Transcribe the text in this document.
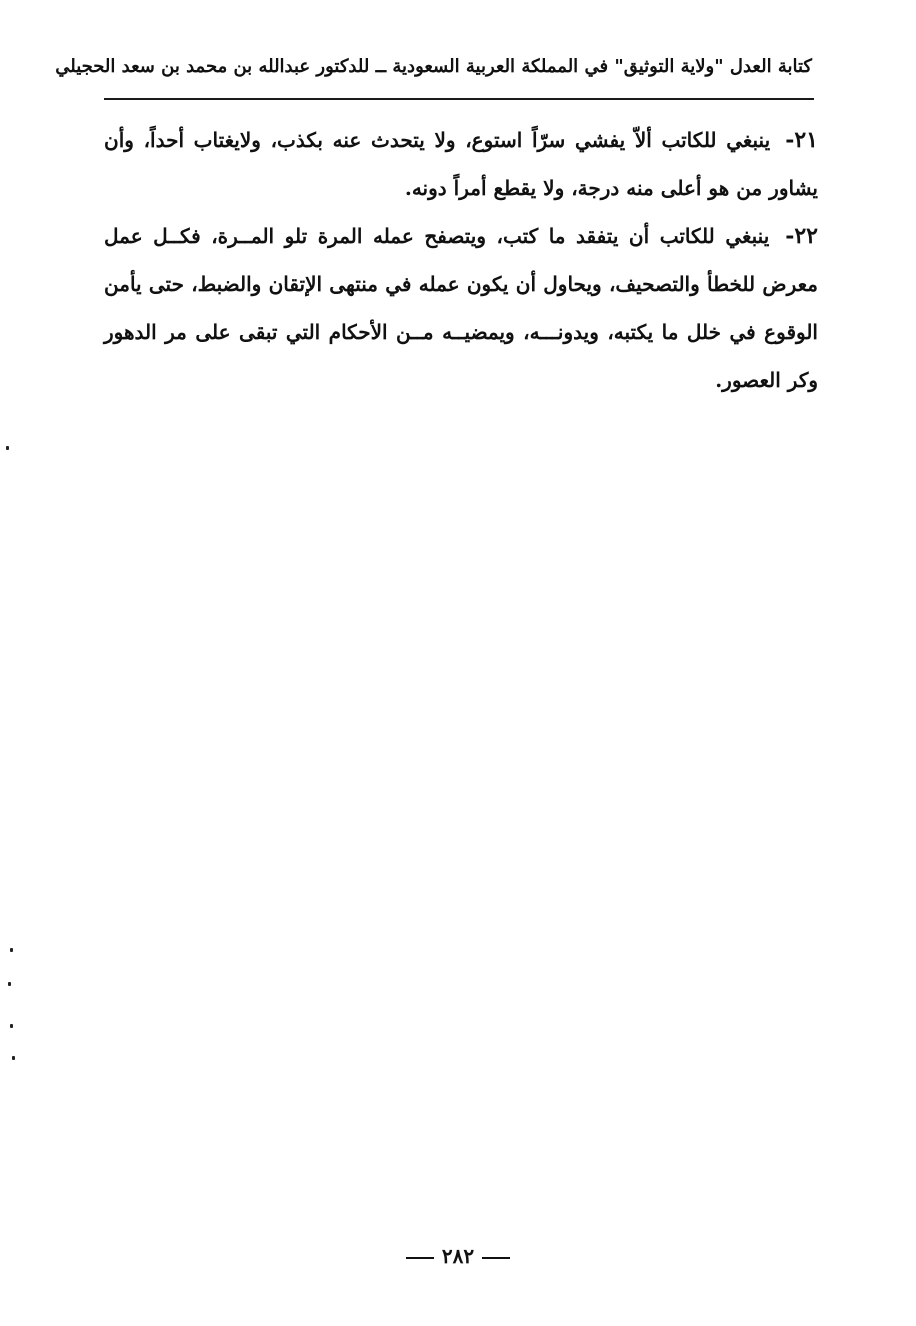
كتابة العدل "ولاية التوثيق" في المملكة العربية السعودية ــ للدكتور عبدالله بن محمد بن سعد الحجيلي

٢١- ينبغي للكاتب ألاّ يفشي سرّاً استوع، ولا يتحدث عنه بكذب، ولايغتاب أحداً، وأن يشاور من هو أعلى منه درجة، ولا يقطع أمراً دونه.

٢٢- ينبغي للكاتب أن يتفقد ما كتب، ويتصفح عمله المرة تلو المــرة، فكــل عمل معرض للخطأ والتصحيف، ويحاول أن يكون عمله في منتهى الإتقان والضبط، حتى يأمن الوقوع في خلل ما يكتبه، ويدونـــه، ويمضيــه مــن الأحكام التي تبقى على مر الدهور وكر العصور.

٢٨٢
